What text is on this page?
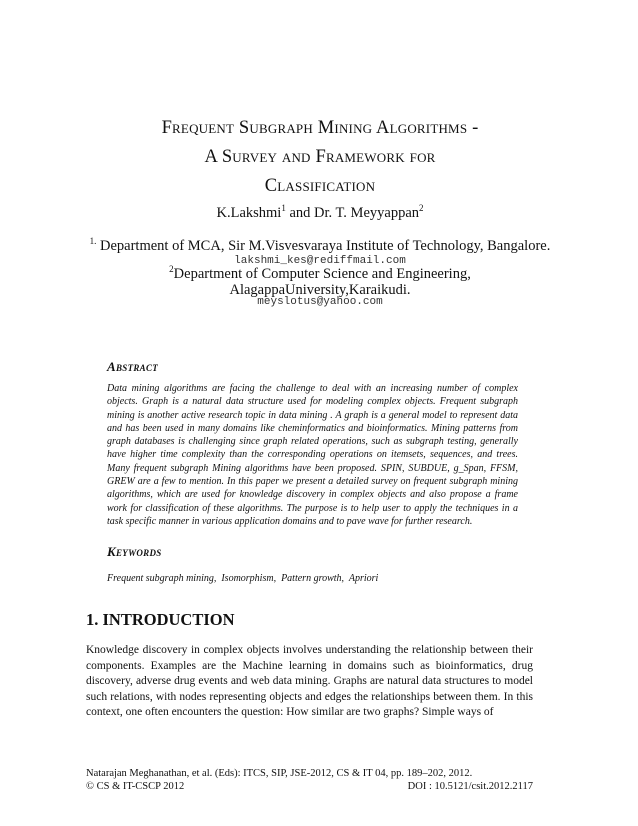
Frequent Subgraph Mining Algorithms -
A Survey and Framework for
Classification
K.Lakshmi$^1$ and Dr. T. Meyyappan$^2$
$^{1.}$ Department of MCA, Sir M.Visvesvaraya Institute of Technology, Bangalore.
lakshmi_kes@rediffmail.com
$^2$Department of Computer Science and Engineering,
AlagappaUniversity,Karaikudi.
meyslotus@yahoo.com
Abstract
Data mining algorithms are facing the challenge to deal with an increasing number of complex objects. Graph is a natural data structure used for modeling complex objects. Frequent subgraph mining is another active research topic in data mining . A graph is a general model to represent data and has been used in many domains like cheminformatics and bioinformatics. Mining patterns from graph databases is challenging since graph related operations, such as subgraph testing, generally have higher time complexity than the corresponding operations on itemsets, sequences, and trees. Many frequent subgraph Mining algorithms have been proposed. SPIN, SUBDUE, g_Span, FFSM, GREW are a few to mention. In this paper we present a detailed survey on frequent subgraph mining algorithms, which are used for knowledge discovery in complex objects and also propose a frame work for classification of these algorithms. The purpose is to help user to apply the techniques in a task specific manner in various application domains and to pave wave for further research.
Keywords
Frequent subgraph mining,  Isomorphism,  Pattern growth,  Apriori
1. INTRODUCTION
Knowledge discovery in complex objects involves understanding the relationship between their components. Examples are the Machine learning in domains such as bioinformatics, drug discovery, adverse drug events and web data mining. Graphs are natural data structures to model such relations, with nodes representing objects and edges the relationships between them. In this context, one often encounters the question: How similar are two graphs? Simple ways of
Natarajan Meghanathan, et al. (Eds): ITCS, SIP, JSE-2012, CS & IT 04, pp. 189–202, 2012.
© CS & IT-CSCP 2012	DOI : 10.5121/csit.2012.2117
